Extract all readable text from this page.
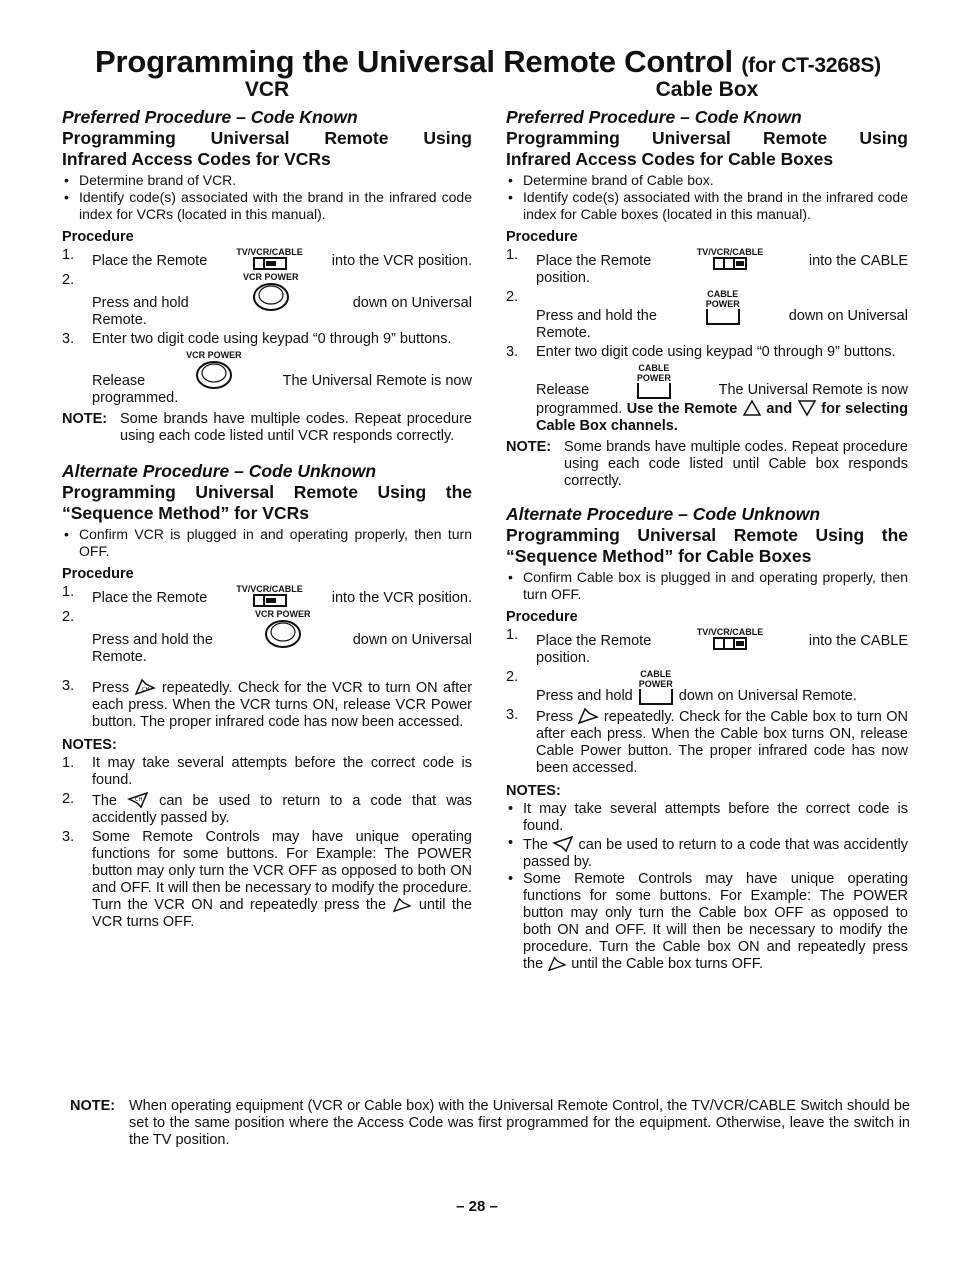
Programming the Universal Remote Control (for CT-3268S)
VCR
Preferred Procedure – Code Known
Programming Universal Remote Using
Infrared Access Codes for VCRs
• Determine brand of VCR.
• Identify code(s) associated with the brand in the infrared code index for VCRs (located in this manual).
Procedure
1.	Place the Remote
TV/VCR/CABLE
into the VCR position.
2.
Press and hold
VCR POWER
down on Universal
Remote.
3.	Enter two digit code using keypad “0 through 9” buttons.
Release
VCR POWER
The Universal Remote is now
programmed.
NOTE: Some brands have multiple codes. Repeat procedure using each code listed until VCR responds correctly.
Alternate Procedure – Code Unknown
Programming Universal Remote Using the
“Sequence Method” for VCRs
• Confirm VCR is plugged in and operating properly, then turn OFF.
Procedure
1.	Place the Remote
TV/VCR/CABLE
into the VCR position.
2.
Press and hold the
VCR POWER
down on Universal
Remote.
3.	Press	CH repeatedly. Check for the VCR to turn ON after each press. When the VCR turns ON, release VCR Power button. The proper infrared code has now been accessed.
NOTES:
1.	It may take several attempts before the correct code is found.
2.	The	CH can be used to return to a code that was accidently passed by.
3.	Some Remote Controls may have unique operating functions for some buttons. For Example: The POWER button may only turn the VCR OFF as opposed to both ON and OFF. It will then be necessary to modify the procedure. Turn the VCR ON and repeatedly press the until the VCR turns OFF.
Cable Box
Preferred Procedure – Code Known
Programming Universal Remote Using
Infrared Access Codes for Cable Boxes
• Determine brand of Cable box.
• Identify code(s) associated with the brand in the infrared code index for Cable boxes (located in this manual).
Procedure
1.	Place the Remote
TV/VCR/CABLE
into the CABLE
position.
2.
Press and hold the
CABLE
POWER
down on Universal
Remote.
3.	Enter two digit code using keypad “0 through 9” buttons.
Release
CABLE
POWER
The Universal Remote is now
programmed. Use the Remote and for selecting Cable Box channels.
NOTE: Some brands have multiple codes. Repeat procedure using each code listed until Cable box responds correctly.
Alternate Procedure – Code Unknown
Programming Universal Remote Using the
“Sequence Method” for Cable Boxes
• Confirm Cable box is plugged in and operating properly, then turn OFF.
Procedure
1.	Place the Remote
TV/VCR/CABLE
into the CABLE
position.
2.
Press and hold
CABLE
POWER
down on Universal Remote.
3.	Press repeatedly. Check for the Cable box to turn ON after each press. When the Cable box turns ON, release Cable Power button. The proper infrared code has now been accessed.
NOTES:
• It may take several attempts before the correct code is found.
• The can be used to return to a code that was accidently passed by.
• Some Remote Controls may have unique operating functions for some buttons. For Example: The POWER button may only turn the Cable box OFF as opposed to both ON and OFF. It will then be necessary to modify the procedure. Turn the Cable box ON and repeatedly press the until the Cable box turns OFF.
NOTE: When operating equipment (VCR or Cable box) with the Universal Remote Control, the TV/VCR/CABLE Switch should be set to the same position where the Access Code was first programmed for the equipment. Otherwise, leave the switch in the TV position.
– 28 –
